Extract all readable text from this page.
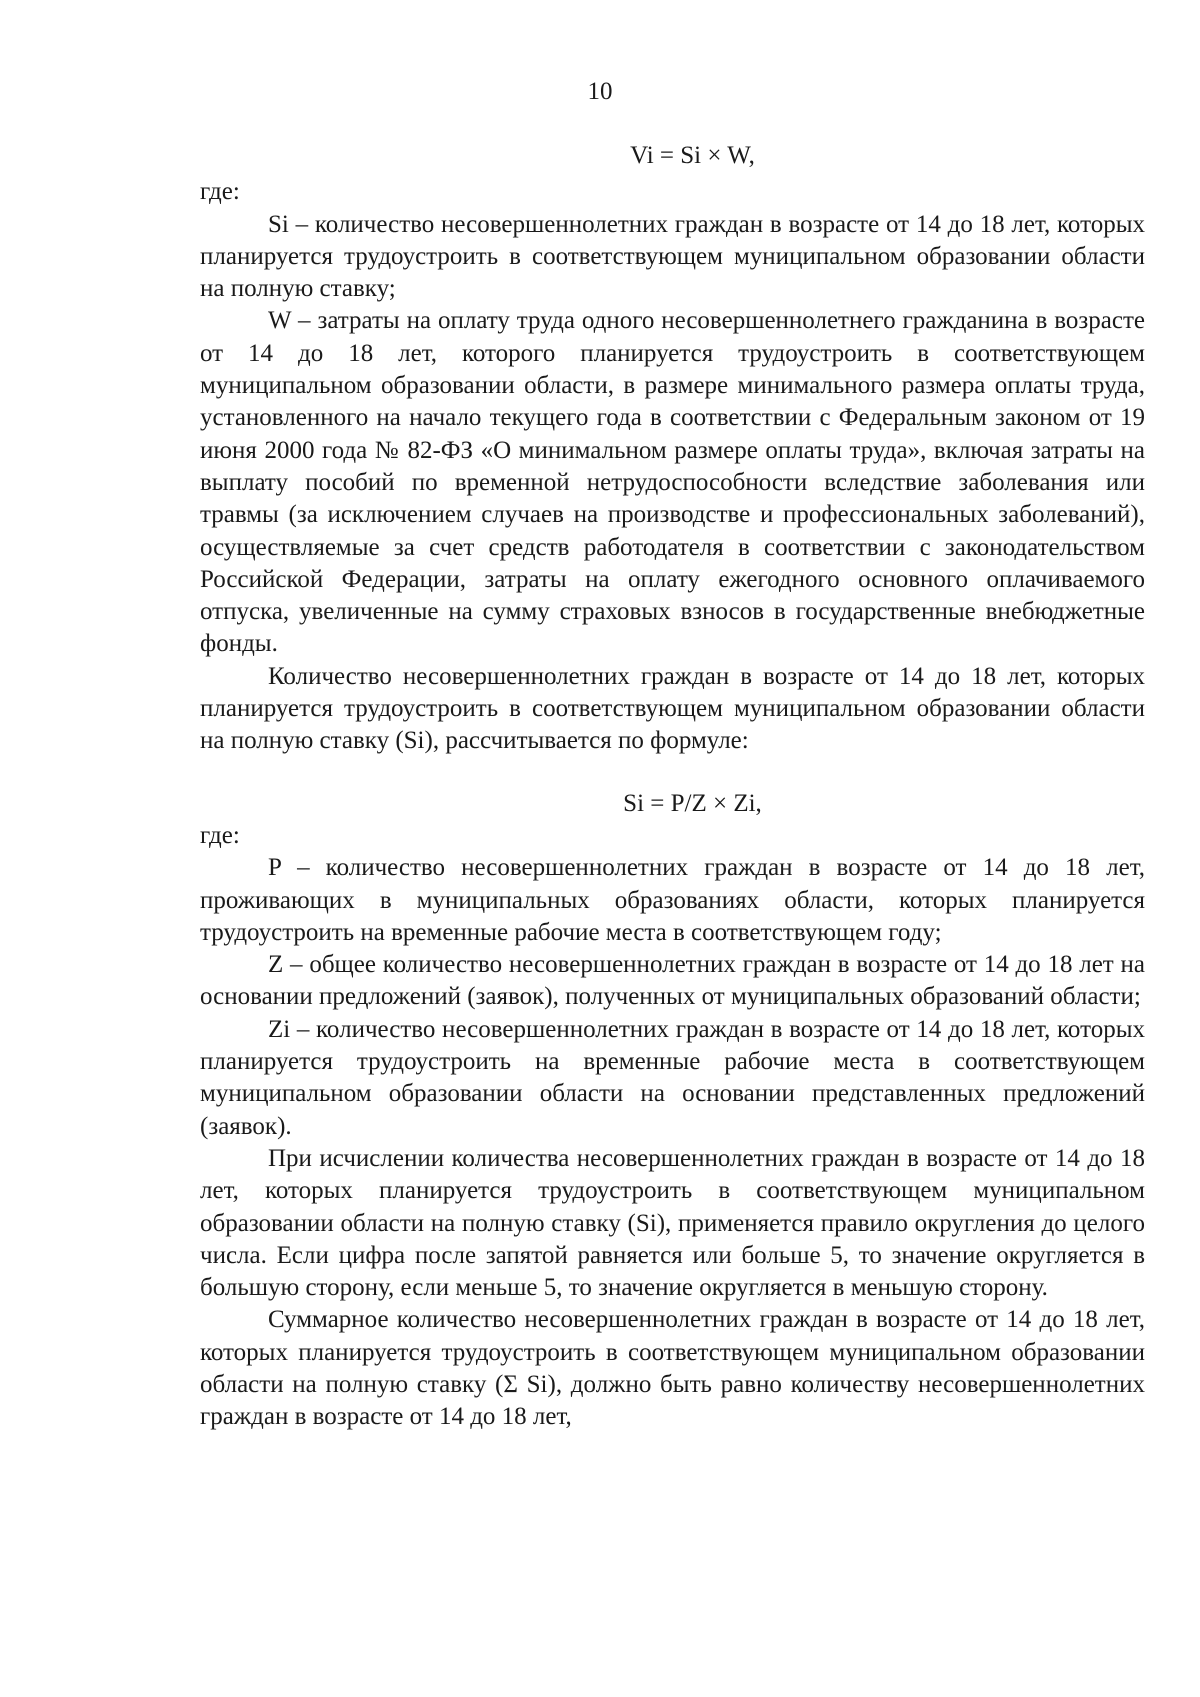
10
Vi = Si × W,
где:

Si – количество несовершеннолетних граждан в возрасте от 14 до 18 лет, которых планируется трудоустроить в соответствующем муниципальном образовании области на полную ставку;

W – затраты на оплату труда одного несовершеннолетнего гражданина в возрасте от 14 до 18 лет, которого планируется трудоустроить в соответствующем муниципальном образовании области, в размере минимального размера оплаты труда, установленного на начало текущего года в соответствии с Федеральным законом от 19 июня 2000 года № 82-ФЗ «О минимальном размере оплаты труда», включая затраты на выплату пособий по временной нетрудоспособности вследствие заболевания или травмы (за исключением случаев на производстве и профессиональных заболеваний), осуществляемые за счет средств работодателя в соответствии с законодательством Российской Федерации, затраты на оплату ежегодного основного оплачиваемого отпуска, увеличенные на сумму страховых взносов в государственные внебюджетные фонды.

Количество несовершеннолетних граждан в возрасте от 14 до 18 лет, которых планируется трудоустроить в соответствующем муниципальном образовании области на полную ставку (Si), рассчитывается по формуле:

Si = P/Z × Zi,
где:

P – количество несовершеннолетних граждан в возрасте от 14 до 18 лет, проживающих в муниципальных образованиях области, которых планируется трудоустроить на временные рабочие места в соответствующем году;

Z – общее количество несовершеннолетних граждан в возрасте от 14 до 18 лет на основании предложений (заявок), полученных от муниципальных образований области;

Zi – количество несовершеннолетних граждан в возрасте от 14 до 18 лет, которых планируется трудоустроить на временные рабочие места в соответствующем муниципальном образовании области на основании представленных предложений (заявок).

При исчислении количества несовершеннолетних граждан в возрасте от 14 до 18 лет, которых планируется трудоустроить в соответствующем муниципальном образовании области на полную ставку (Si), применяется правило округления до целого числа. Если цифра после запятой равняется или больше 5, то значение округляется в большую сторону, если меньше 5, то значение округляется в меньшую сторону.

Суммарное количество несовершеннолетних граждан в возрасте от 14 до 18 лет, которых планируется трудоустроить в соответствующем муниципальном образовании области на полную ставку (Σ Si), должно быть равно количеству несовершеннолетних граждан в возрасте от 14 до 18 лет,
